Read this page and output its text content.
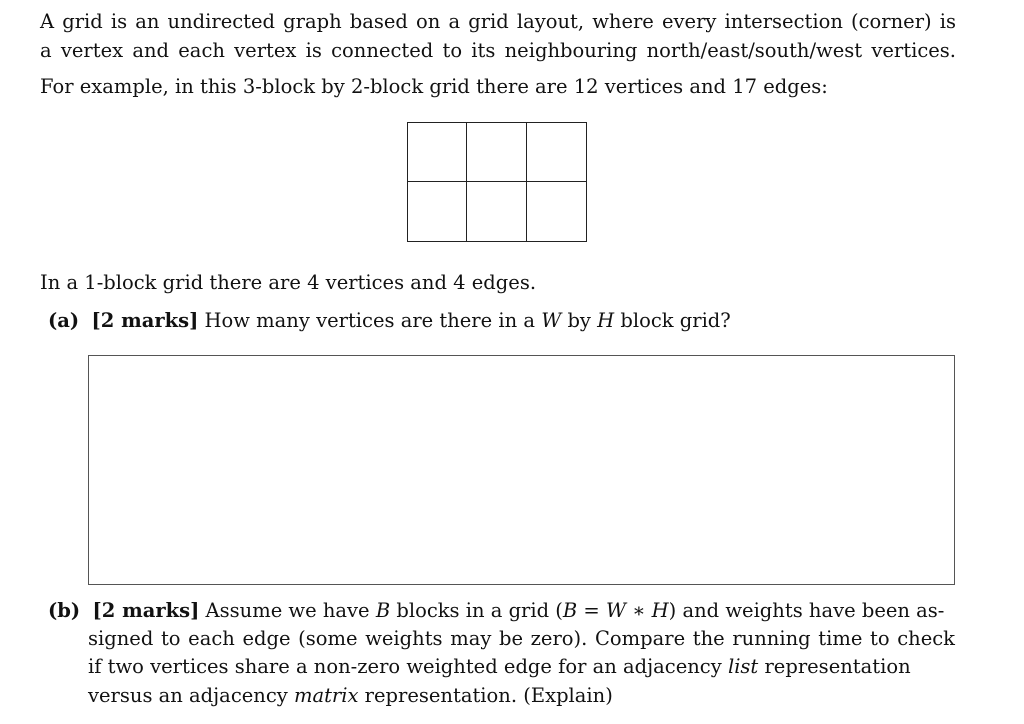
A grid is an undirected graph based on a grid layout, where every intersection (corner) is
a vertex and each vertex is connected to its neighbouring north/east/south/west vertices.
For example, in this 3-block by 2-block grid there are 12 vertices and 17 edges:
In a 1-block grid there are 4 vertices and 4 edges.
(a) [2 marks] How many vertices are there in a W by H block grid?
(b) [2 marks] Assume we have B blocks in a grid (B = W ∗ H) and weights have been as-
signed to each edge (some weights may be zero). Compare the running time to check
if two vertices share a non-zero weighted edge for an adjacency list representation
versus an adjacency matrix representation. (Explain)
